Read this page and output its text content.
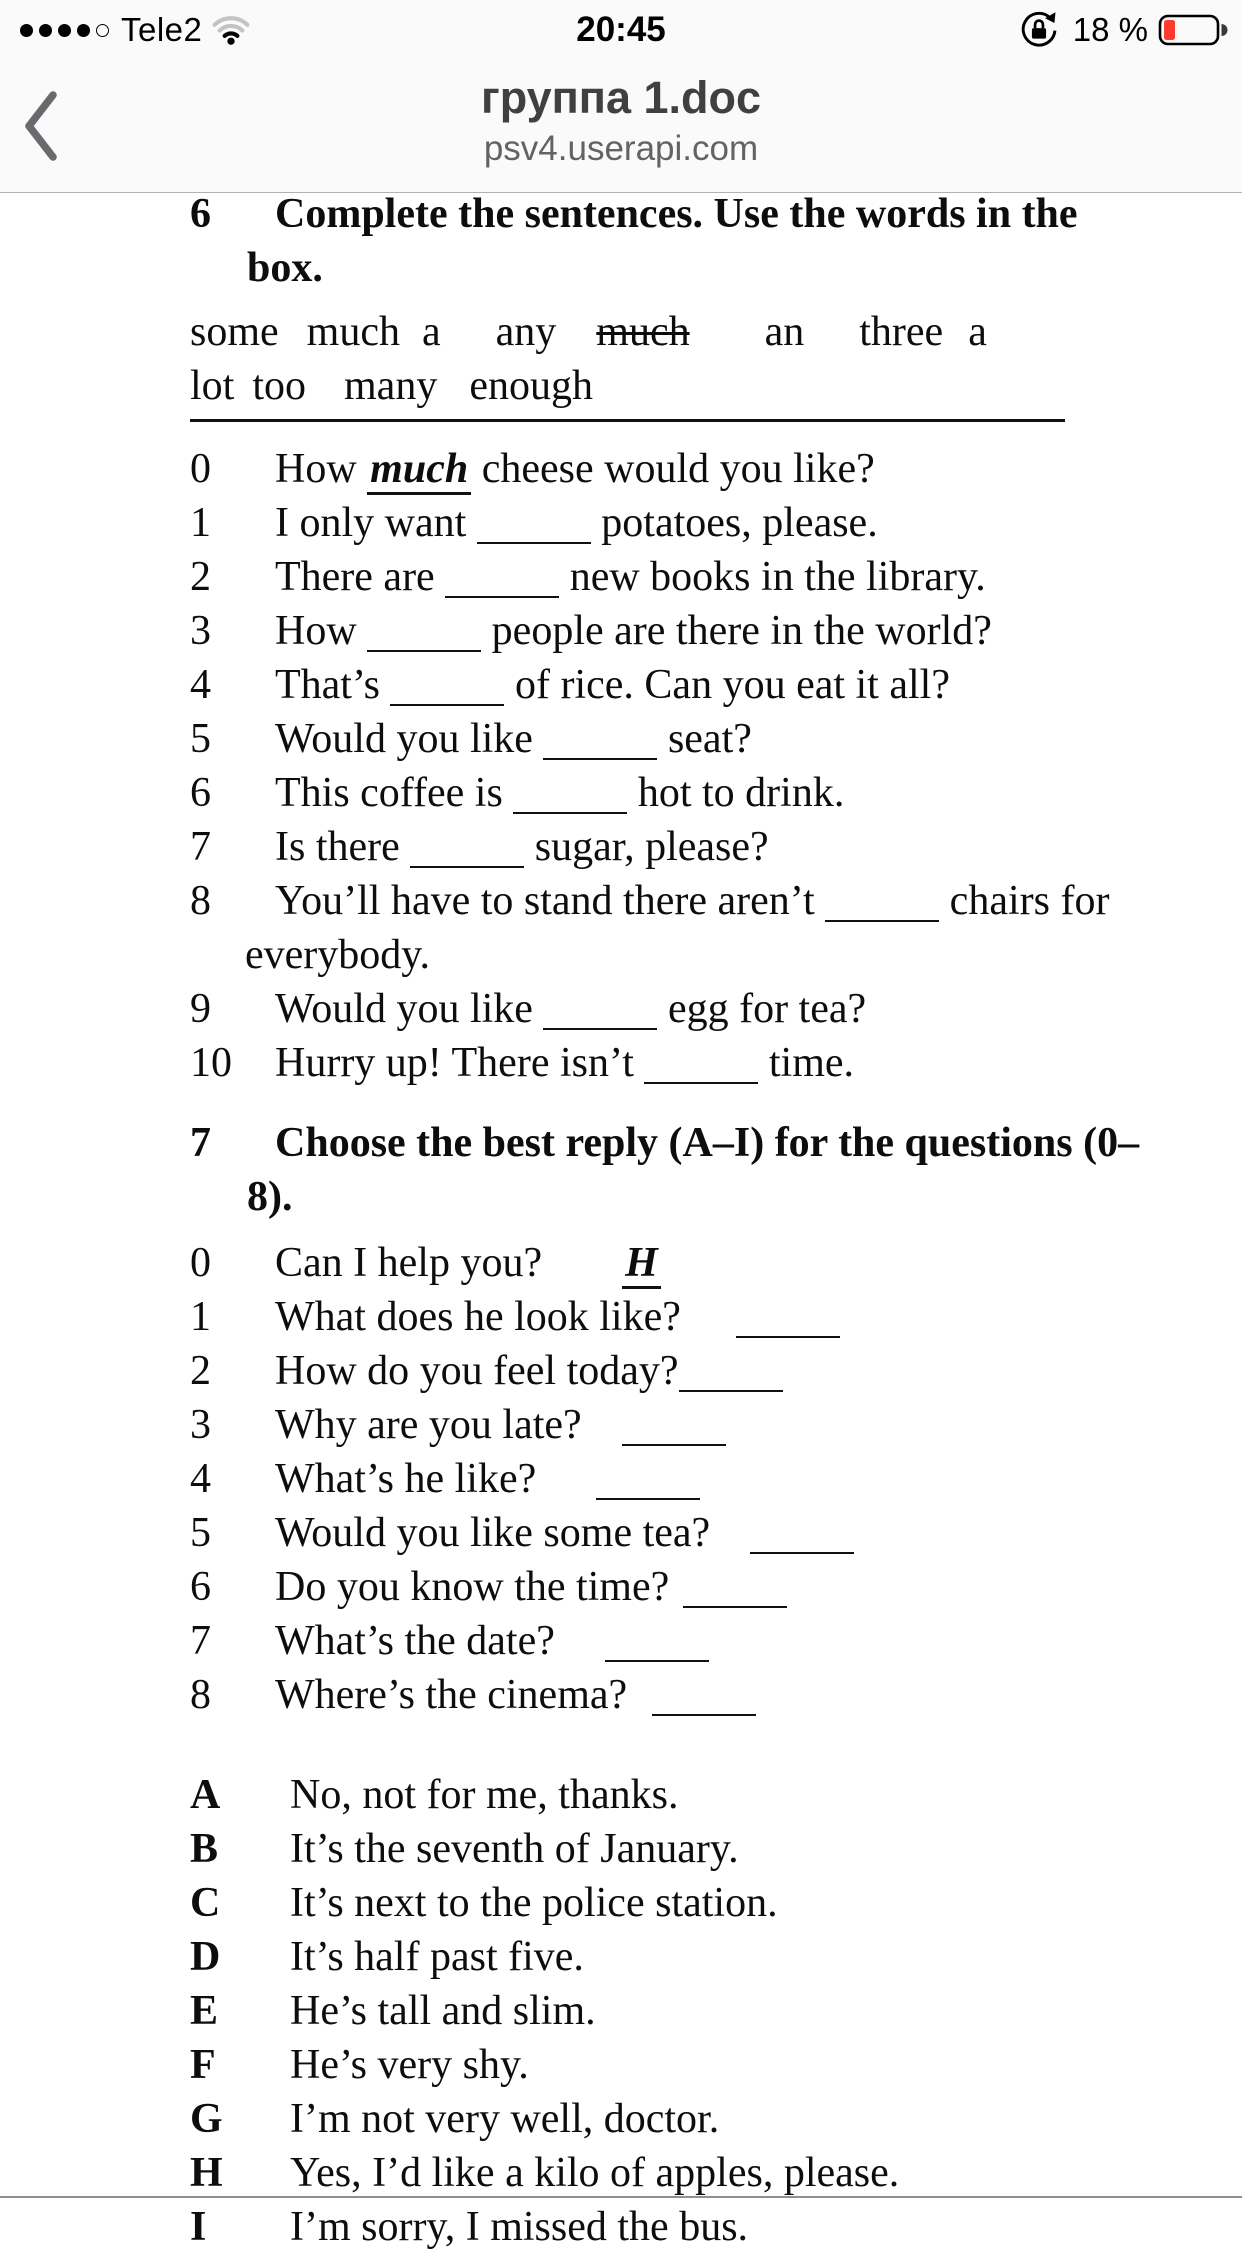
Tele2	20:45	18 %
группа 1.doc
psv4.userapi.com
6	Complete the sentences. Use the words in the
box.
some much a any much an three a
lot too many enough
0	How much cheese would you like?
1	I only want	potatoes, please.
2	There are	new books in the library.
3	How	people are there in the world?
4	That’s	of rice. Can you eat it all?
5	Would you like	seat?
6	This coffee is	hot to drink.
7	Is there	sugar, please?
8	You’ll have to stand there aren’t	chairs for
everybody.
9	Would you like	egg for tea?
10	Hurry up! There isn’t	time.
7	Choose the best reply (A–I) for the questions (0–
8).
0	Can I help you? H
1	What does he look like?
2	How do you feel today?
3	Why are you late?
4	What’s he like?
5	Would you like some tea?
6	Do you know the time?
7	What’s the date?
8	Where’s the cinema?
A	No, not for me, thanks.
B	It’s the seventh of January.
C	It’s next to the police station.
D	It’s half past five.
E	He’s tall and slim.
F	He’s very shy.
G	I’m not very well, doctor.
H	Yes, I’d like a kilo of apples, please.
I	I’m sorry, I missed the bus.
